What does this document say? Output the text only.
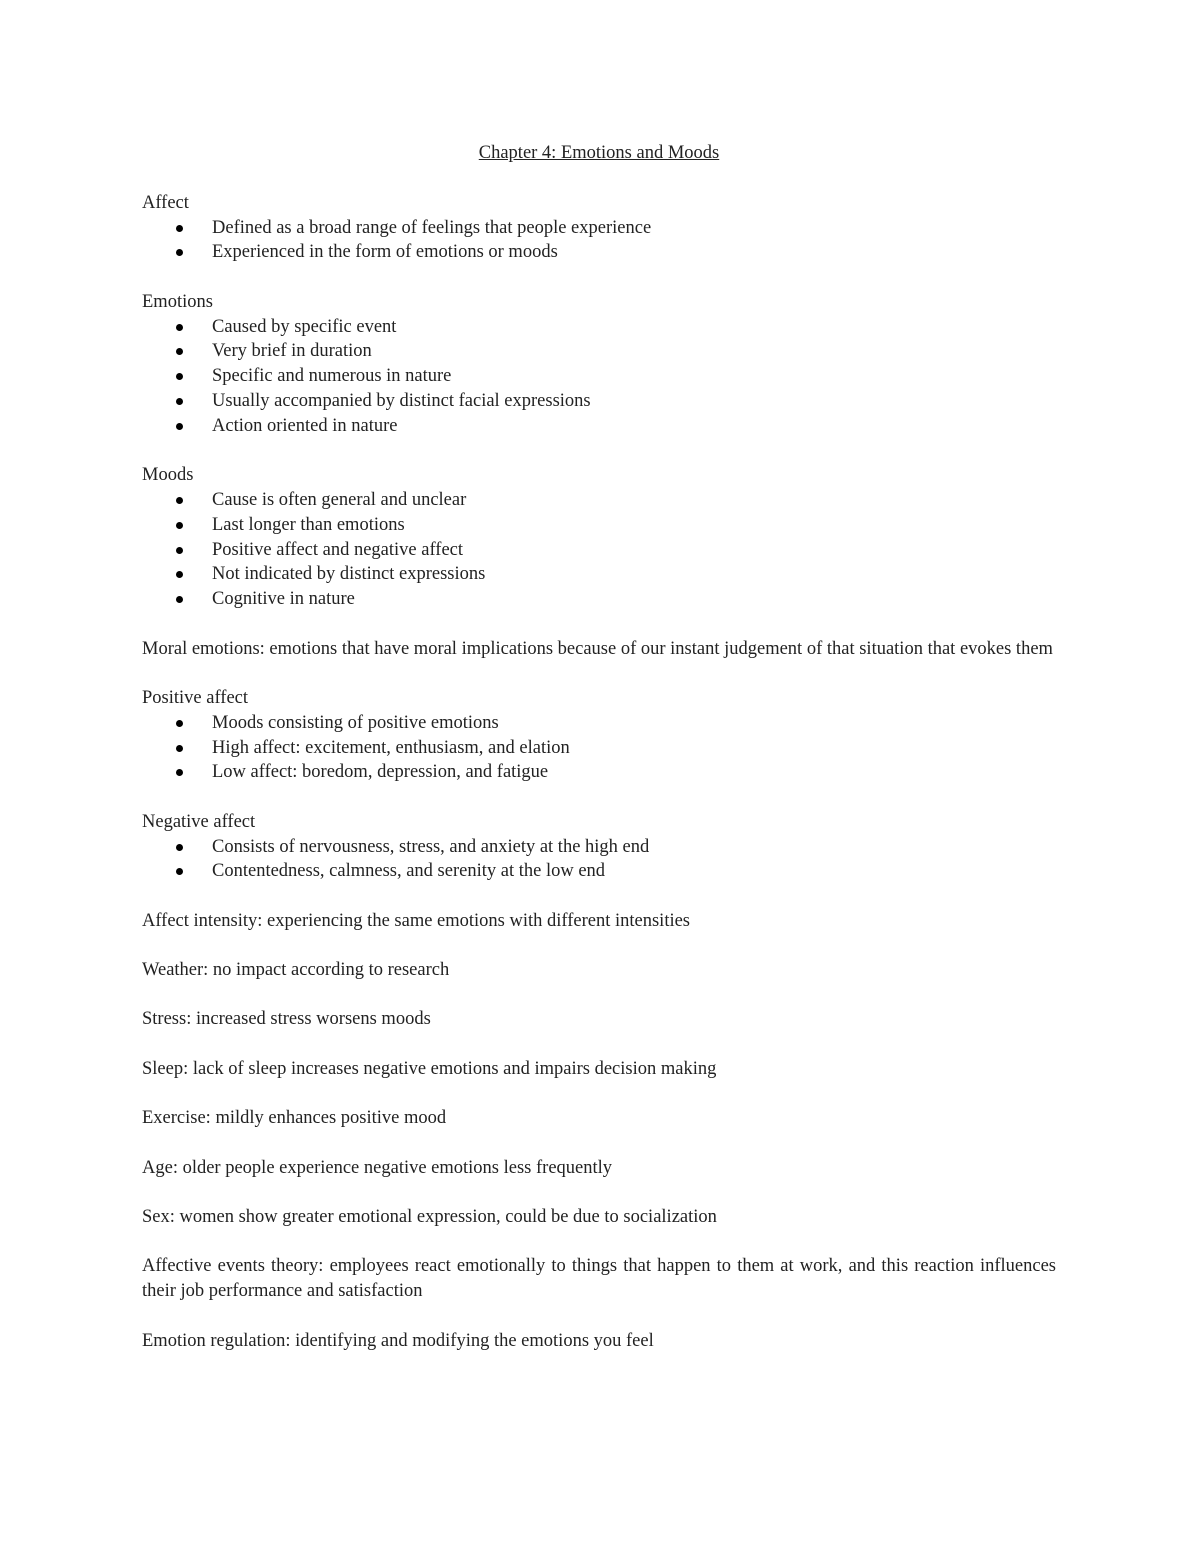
Chapter 4: Emotions and Moods

Affect

Defined as a broad range of feelings that people experience
Experienced in the form of emotions or moods

Emotions

Caused by specific event
Very brief in duration
Specific and numerous in nature
Usually accompanied by distinct facial expressions
Action oriented in nature

Moods

Cause is often general and unclear
Last longer than emotions
Positive affect and negative affect
Not indicated by distinct expressions
Cognitive in nature

Moral emotions: emotions that have moral implications because of our instant judgement of that situation that evokes them

Positive affect

Moods consisting of positive emotions
High affect: excitement, enthusiasm, and elation
Low affect: boredom, depression, and fatigue

Negative affect

Consists of nervousness, stress, and anxiety at the high end
Contentedness, calmness, and serenity at the low end

Affect intensity: experiencing the same emotions with different intensities

Weather: no impact according to research

Stress: increased stress worsens moods

Sleep: lack of sleep increases negative emotions and impairs decision making

Exercise: mildly enhances positive mood

Age: older people experience negative emotions less frequently

Sex: women show greater emotional expression, could be due to socialization

Affective events theory: employees react emotionally to things that happen to them at work, and this reaction influences their job performance and satisfaction

Emotion regulation: identifying and modifying the emotions you feel
